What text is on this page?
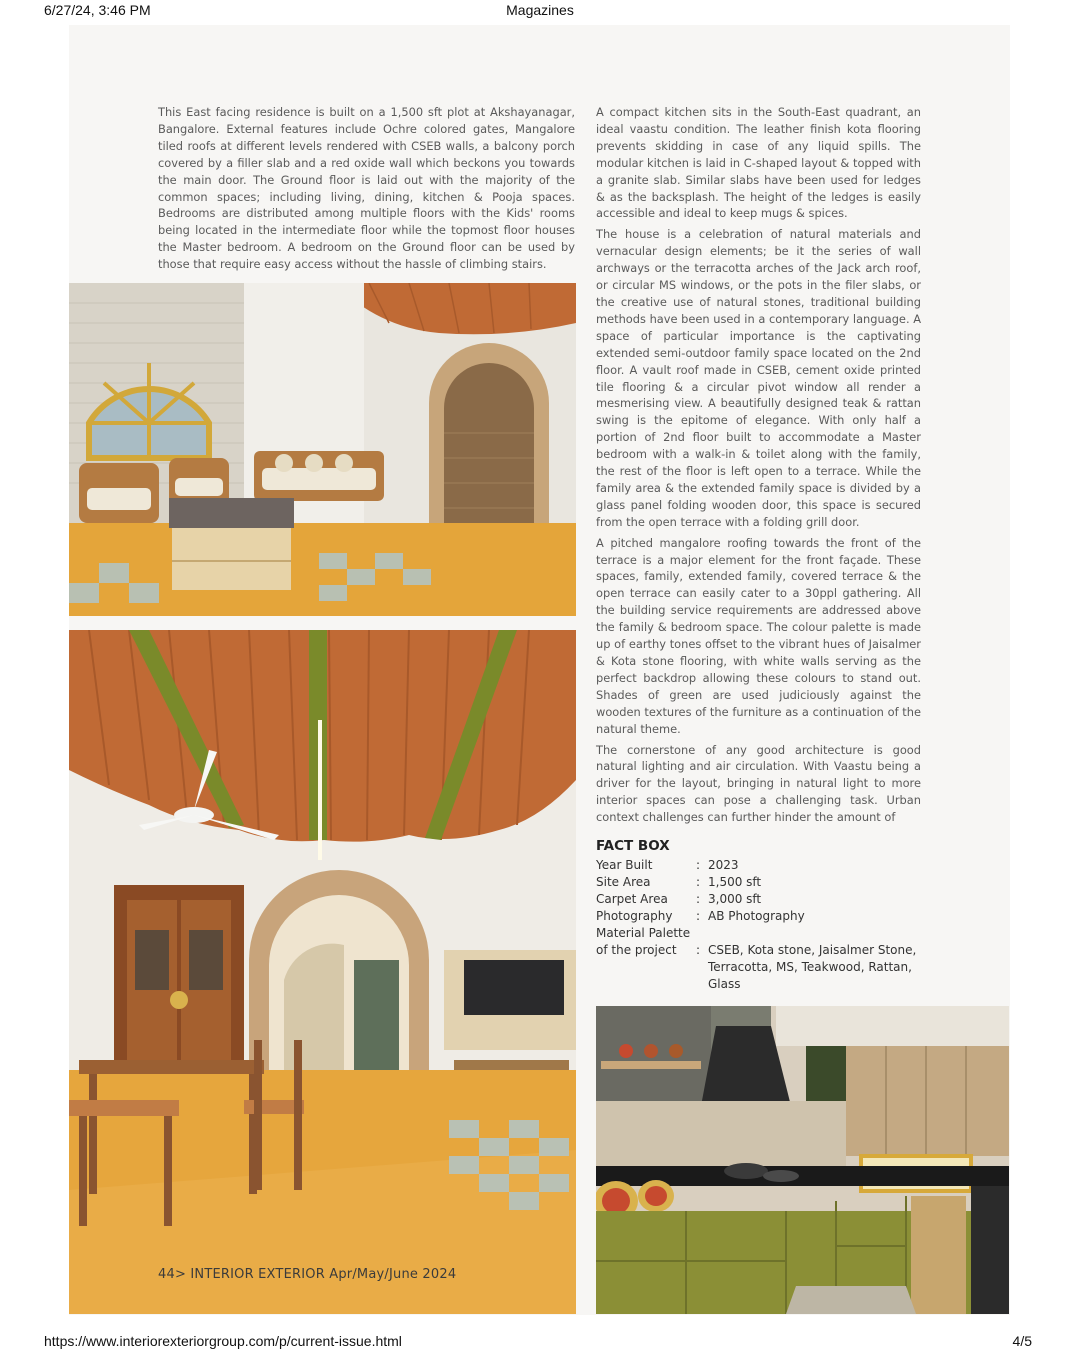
6/27/24, 3:46 PM	Magazines

This East facing residence is built on a 1,500 sft plot at Akshayanagar, Bangalore. External features include Ochre colored gates, Mangalore tiled roofs at different levels rendered with CSEB walls, a balcony porch covered by a filler slab and a red oxide wall which beckons you towards the main door. The Ground floor is laid out with the majority of the common spaces; including living, dining, kitchen & Pooja spaces. Bedrooms are distributed among multiple floors with the Kids' rooms being located in the intermediate floor while the topmost floor houses the Master bedroom. A bedroom on the Ground floor can be used by those that require easy access without the hassle of climbing stairs.

A compact kitchen sits in the South-East quadrant, an ideal vaastu condition. The leather finish kota flooring prevents skidding in case of any liquid spills. The modular kitchen is laid in C-shaped layout & topped with a granite slab. Similar slabs have been used for ledges & as the backsplash. The height of the ledges is easily accessible and ideal to keep mugs & spices.

The house is a celebration of natural materials and vernacular design elements; be it the series of wall archways or the terracotta arches of the Jack arch roof, or circular MS windows, or the pots in the filer slabs, or the creative use of natural stones, traditional building methods have been used in a contemporary language. A space of particular importance is the captivating extended semi-outdoor family space located on the 2nd floor. A vault roof made in CSEB, cement oxide printed tile flooring & a circular pivot window all render a mesmerising view. A beautifully designed teak & rattan swing is the epitome of elegance. With only half a portion of 2nd floor built to accommodate a Master bedroom with a walk-in & toilet along with the family, the rest of the floor is left open to a terrace. While the family area & the extended family space is divided by a glass panel folding wooden door, this space is secured from the open terrace with a folding grill door.

A pitched mangalore roofing towards the front of the terrace is a major element for the front façade. These spaces, family, extended family, covered terrace & the open terrace can easily cater to a 30ppl gathering. All the building service requirements are addressed above the family & bedroom space. The colour palette is made up of earthy tones offset to the vibrant hues of Jaisalmer & Kota stone flooring, with white walls serving as the perfect backdrop allowing these colours to stand out. Shades of green are used judiciously against the wooden textures of the furniture as a continuation of the natural theme.

The cornerstone of any good architecture is good natural lighting and air circulation. With Vaastu being a driver for the layout, bringing in natural light to more interior spaces can pose a challenging task. Urban context challenges can further hinder the amount of

44> INTERIOR EXTERIOR Apr/May/June 2024
FACT BOX
Year Built	: 2023
Site Area	: 1,500 sft
Carpet Area	: 3,000 sft
Photography	: AB Photography
Material Palette
of the project	: CSEB, Kota stone, Jaisalmer Stone, Terracotta, MS, Teakwood, Rattan, Glass
https://www.interiorexteriorgroup.com/p/current-issue.html	4/5
